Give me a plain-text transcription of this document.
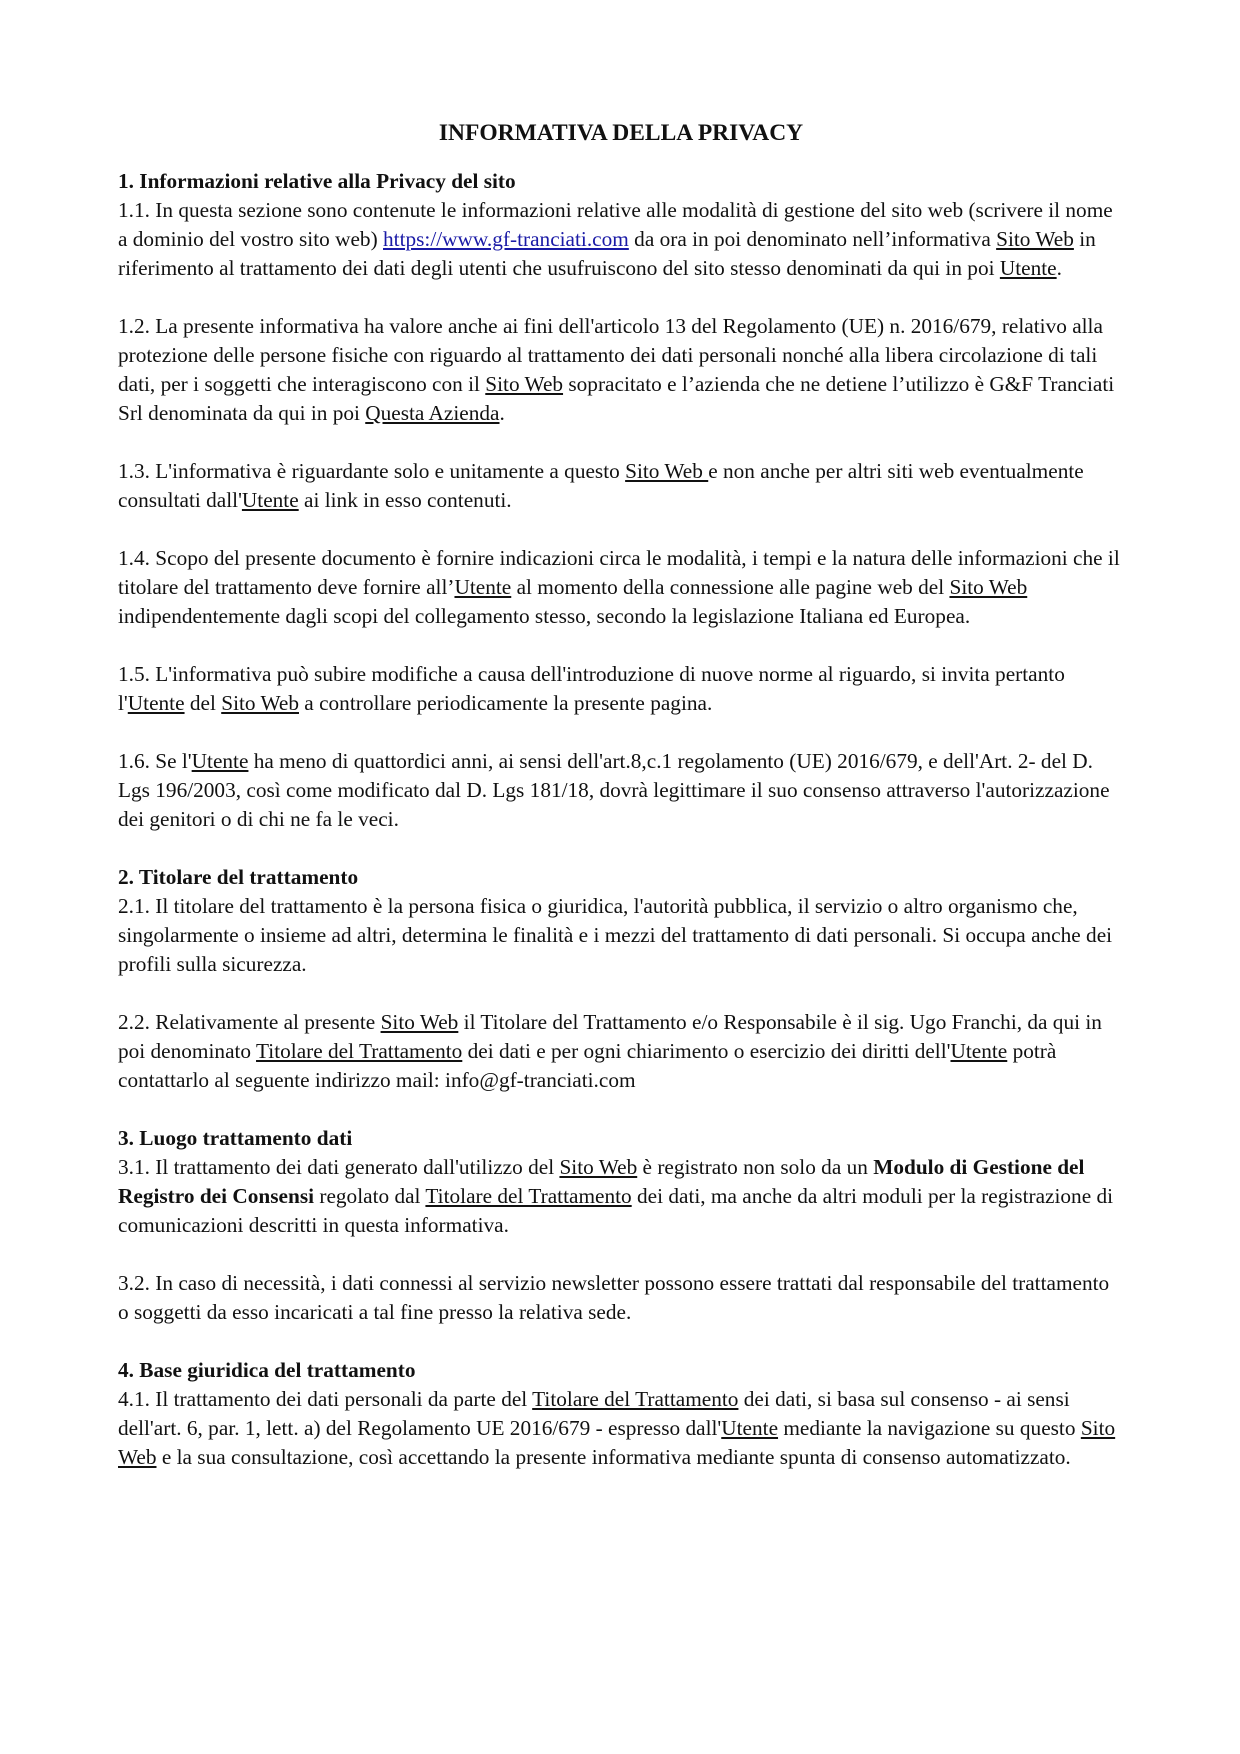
INFORMATIVA DELLA PRIVACY
1. Informazioni relative alla Privacy del sito

1.1. In questa sezione sono contenute le informazioni relative alle modalità di gestione del sito web (scrivere il nome a dominio del vostro sito web) https://www.gf-tranciati.com da ora in poi denominato nell’informativa Sito Web in riferimento al trattamento dei dati degli utenti che usufruiscono del sito stesso denominati da qui in poi Utente.

1.2. La presente informativa ha valore anche ai fini dell'articolo 13 del Regolamento (UE) n. 2016/679, relativo alla protezione delle persone fisiche con riguardo al trattamento dei dati personali nonché alla libera circolazione di tali dati, per i soggetti che interagiscono con il Sito Web sopracitato e l’azienda che ne detiene l’utilizzo è G&F Tranciati Srl denominata da qui in poi Questa Azienda.

1.3. L'informativa è riguardante solo e unitamente a questo Sito Web e non anche per altri siti web eventualmente consultati dall'Utente ai link in esso contenuti.

1.4. Scopo del presente documento è fornire indicazioni circa le modalità, i tempi e la natura delle informazioni che il titolare del trattamento deve fornire all’Utente al momento della connessione alle pagine web del Sito Web indipendentemente dagli scopi del collegamento stesso, secondo la legislazione Italiana ed Europea.

1.5. L'informativa può subire modifiche a causa dell'introduzione di nuove norme al riguardo, si invita pertanto l'Utente del Sito Web a controllare periodicamente la presente pagina.

1.6. Se l'Utente ha meno di quattordici anni, ai sensi dell'art.8,c.1 regolamento (UE) 2016/679, e dell'Art. 2- del D. Lgs 196/2003, così come modificato dal D. Lgs 181/18, dovrà legittimare il suo consenso attraverso l'autorizzazione dei genitori o di chi ne fa le veci.

2. Titolare del trattamento

2.1. Il titolare del trattamento è la persona fisica o giuridica, l'autorità pubblica, il servizio o altro organismo che, singolarmente o insieme ad altri, determina le finalità e i mezzi del trattamento di dati personali. Si occupa anche dei profili sulla sicurezza.

2.2. Relativamente al presente Sito Web il Titolare del Trattamento e/o Responsabile è il sig. Ugo Franchi, da qui in poi denominato Titolare del Trattamento dei dati e per ogni chiarimento o esercizio dei diritti dell'Utente potrà contattarlo al seguente indirizzo mail: info@gf-tranciati.com

3. Luogo trattamento dati

3.1. Il trattamento dei dati generato dall'utilizzo del Sito Web è registrato non solo da un Modulo di Gestione del Registro dei Consensi regolato dal Titolare del Trattamento dei dati, ma anche da altri moduli per la registrazione di comunicazioni descritti in questa informativa.

3.2. In caso di necessità, i dati connessi al servizio newsletter possono essere trattati dal responsabile del trattamento o soggetti da esso incaricati a tal fine presso la relativa sede.

4. Base giuridica del trattamento

4.1. Il trattamento dei dati personali da parte del Titolare del Trattamento dei dati, si basa sul consenso - ai sensi dell'art. 6, par. 1, lett. a) del Regolamento UE 2016/679 - espresso dall'Utente mediante la navigazione su questo Sito Web e la sua consultazione, così accettando la presente informativa mediante spunta di consenso automatizzato.
